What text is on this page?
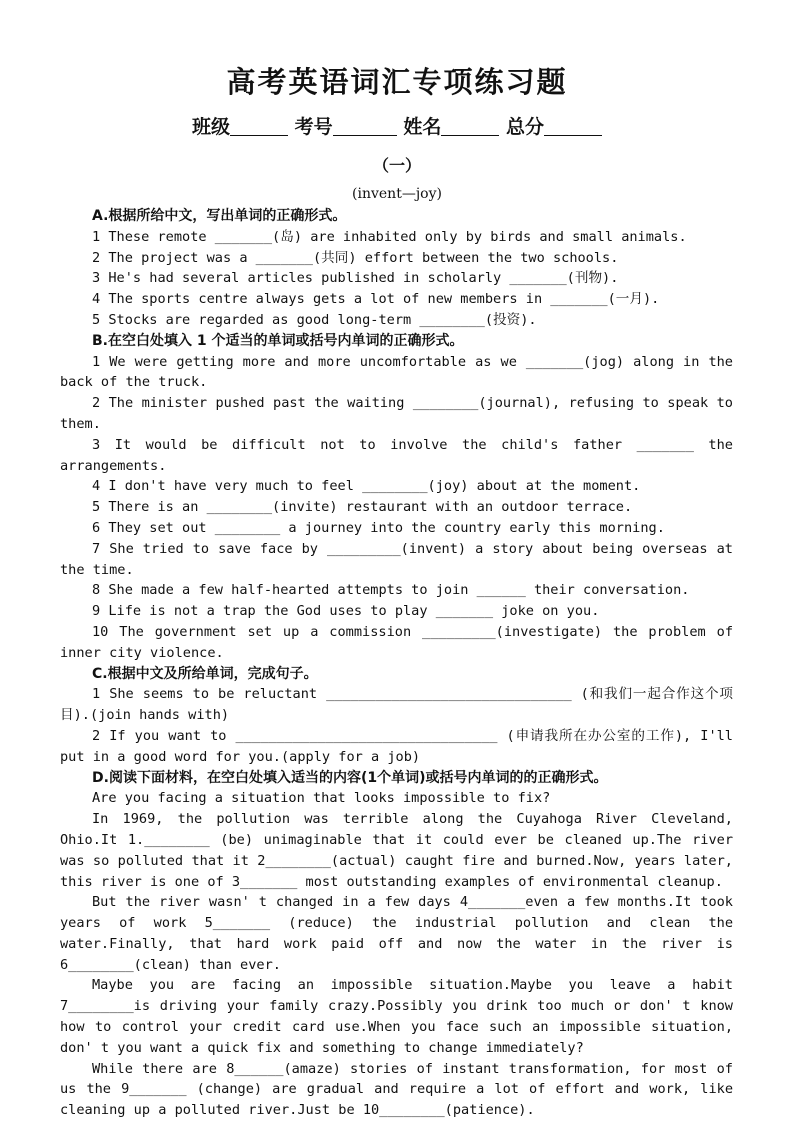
高考英语词汇专项练习题
班级	考号	姓名	总分
（一）
(invent—joy)

A.根据所给中文，写出单词的正确形式。

1 These remote _______(岛) are inhabited only by birds and small animals.

2 The project was a _______(共同) effort between the two schools.

3 He's had several articles published in scholarly _______(刊物).

4 The sports centre always gets a lot of new members in _______(一月).

5 Stocks are regarded as good long-term ________(投资).

B.在空白处填入 1 个适当的单词或括号内单词的正确形式。

1 We were getting more and more uncomfortable as we _______(jog) along in the back of the truck.

2 The minister pushed past the waiting ________(journal), refusing to speak to them.

3 It would be difficult not to involve the child's father _______ the arrangements.

4 I don't have very much to feel ________(joy) about at the moment.

5 There is an ________(invite) restaurant with an outdoor terrace.

6 They set out ________ a journey into the country early this morning.

7 She tried to save face by _________(invent) a story about being overseas at the time.

8 She made a few half-hearted attempts to join ______ their conversation.

9 Life is not a trap the God uses to play _______ joke on you.

10 The government set up a commission _________(investigate) the problem of inner city violence.

C.根据中文及所给单词，完成句子。

1 She seems to be reluctant ______________________________ (和我们一起合作这个项目).(join hands with)

2 If you want to ________________________________ (申请我所在办公室的工作), I'll put in a good word for you.(apply for a job)

D.阅读下面材料，在空白处填入适当的内容(1个单词)或括号内单词的的正确形式。

Are you facing a situation that looks impossible to fix?

In 1969, the pollution was terrible along the Cuyahoga River Cleveland, Ohio.It 1.________ (be) unimaginable that it could ever be cleaned up.The river was so polluted that it 2________(actual) caught fire and burned.Now, years later, this river is one of 3_______ most outstanding examples of environmental cleanup.

But the river wasn' t changed in a few days 4_______even a few months.It took years of work 5_______ (reduce) the industrial pollution and clean the water.Finally, that hard work paid off and now the water in the river is 6________(clean) than ever.

Maybe you are facing an impossible situation.Maybe you leave a habit 7________is driving your family crazy.Possibly you drink too much or don' t know how to control your credit card use.When you face such an impossible situation, don' t you want a quick fix and something to change immediately?

While there are 8______(amaze) stories of instant transformation, for most of us the 9_______ (change) are gradual and require a lot of effort and work, like cleaning up a polluted river.Just be 10________(patience).
